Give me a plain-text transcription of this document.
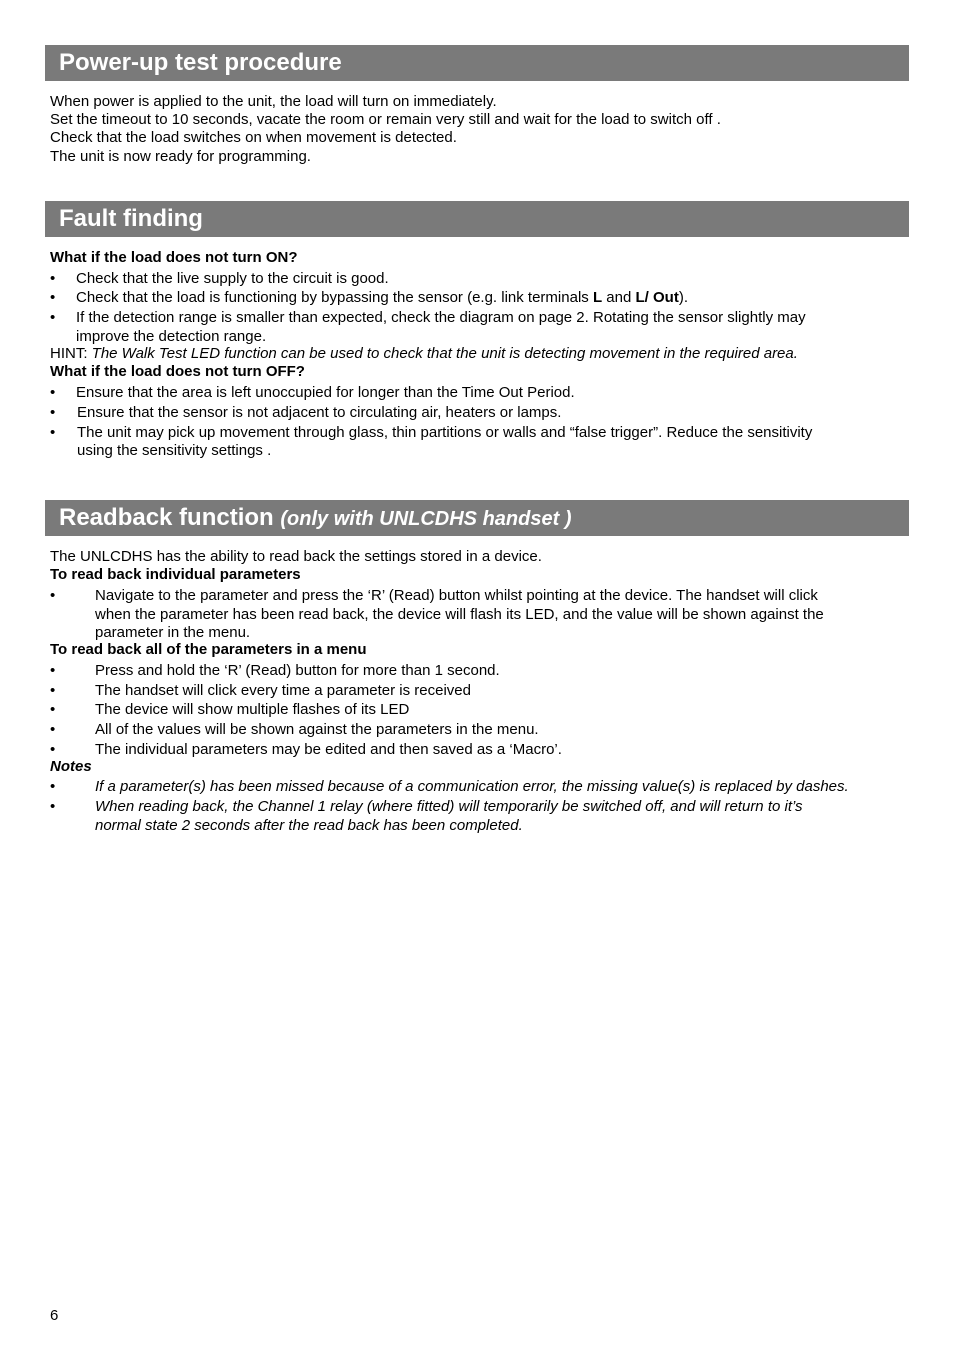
Power-up test procedure
When power is applied to the unit, the load will turn on immediately.
Set the timeout to 10 seconds, vacate the room or remain very still and wait for the load to switch off .
Check that the load switches on when movement is detected.
The unit is now ready for programming.
Fault finding
What if the load does not turn ON?
• Check that the live supply to the circuit is good.
• Check that the load is functioning by bypassing the sensor (e.g. link terminals L and L/ Out).
• If the detection range is smaller than expected, check the diagram on page 2. Rotating the sensor slightly may
improve the detection range.
HINT: The Walk Test LED function can be used to check that the unit is detecting movement in the required area.
What if the load does not turn OFF?
• Ensure that the area is left unoccupied for longer than the Time Out Period.
• Ensure that the sensor is not adjacent to circulating air, heaters or lamps.
• The unit may pick up movement through glass, thin partitions or walls and “false trigger”. Reduce the sensitivity
using the sensitivity settings .
Readback function (only with UNLCDHS handset )
The UNLCDHS has the ability to read back the settings stored in a device.
To read back individual parameters
•	Navigate to the parameter and press the ‘R’ (Read) button whilst pointing at the device. The handset will click
when the parameter has been read back, the device will flash its LED, and the value will be shown against the
parameter in the menu.
To read back all of the parameters in a menu
•	Press and hold the ‘R’ (Read) button for more than 1 second.
•	The handset will click every time a parameter is received
•	The device will show multiple flashes of its LED
•	All of the values will be shown against the parameters in the menu.
•	The individual parameters may be edited and then saved as a ‘Macro’.
Notes
•	If a parameter(s) has been missed because of a communication error, the missing value(s) is replaced by dashes.
•	When reading back, the Channel 1 relay (where fitted) will temporarily be switched off, and will return to it’s
normal state 2 seconds after the read back has been completed.
6
